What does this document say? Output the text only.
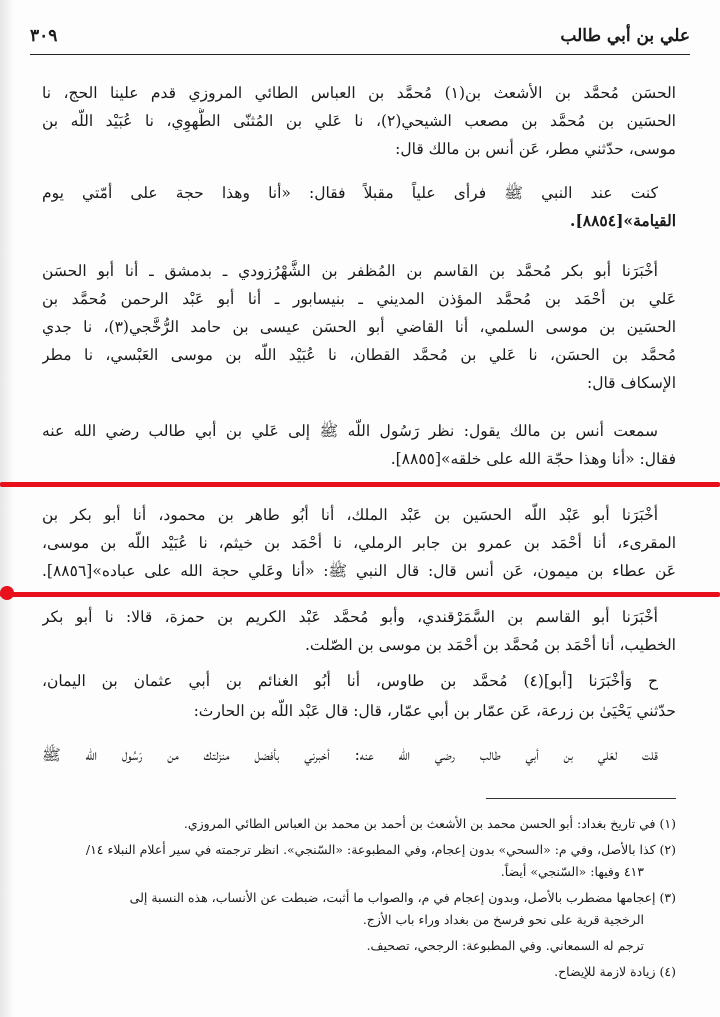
علي بن أبي طالب
٣٠٩
الحسَن مُحمَّد بن الأشعث بن(١) مُحمَّد بن العباس الطائي المروزي قدم علينا الحج، نا
الحسَين بن مُحمَّد بن مصعب الشيحي(٢)، نا عَلي بن المُثنّى الطُّهوِي، نا عُبَيْد اللّه بن
موسى، حدّثني مطر، عَن أنس بن مالك قال:
كنت عند النبي ﷺ فرأى علياً مقبلاً فقال: «أنا وهذا حجة على أمّتي يوم
القيامة»[٨٨٥٤].
أخْبَرَنا أبو بكر مُحمَّد بن القاسم بن المُظفر بن الشَّهْرُزودي ـ بدمشق ـ أنا أبو الحسَن
عَلي بن أحْمَد بن مُحمَّد المؤذن المديني ـ بنيسابور ـ أنا أبو عَبْد الرحمن مُحمَّد بن
الحسَين بن موسى السلمي، أنا القاضي أبو الحسَن عيسى بن حامد الرُّخَّجي(٣)، نا جدي
مُحمَّد بن الحسَن، نا عَلي بن مُحمَّد القطان، نا عُبَيْد اللّه بن موسى العَبْسي، نا مطر
الإسكاف قال:
سمعت أنس بن مالك يقول: نظر رَسُول اللّه ﷺ إلى عَلي بن أبي طالب رضي الله عنه
فقال: «أنا وهذا حجّة الله على خلقه»[٨٨٥٥].
أخْبَرَنا أبو عَبْد اللّه الحسَين بن عَبْد الملك، أنا أبُو طاهر بن محمود، أنا أبو بكر بن
المقرىء، أنا أحْمَد بن عمرو بن جابر الرملي، نا أحْمَد بن خيثم، نا عُبَيْد اللّه بن موسى،
عَن عطاء بن ميمون، عَن أنس قال: قال النبي ﷺ: «أنا وعَلي حجة الله على عباده»[٨٨٥٦].
أخْبَرَنا أبو القاسم بن السَّمَرْقندي، وأبو مُحمَّد عَبْد الكريم بن حمزة، قالا: نا أبو بكر
الخطيب، أنا أحْمَد بن مُحمَّد بن أحْمَد بن موسى بن الصّلت.
ح وَأخْبَرَنا [أبو](٤) مُحمَّد بن طاوس، أنا أبُو الغنائم بن أبي عثمان بن اليمان،
حدّثني يَحْيَىٰ بن زرعة، عَن عمّار بن أبي عمّار، قال: قال عَبْد اللّه بن الحارث:
قلت لعَلي بن أبي طالب رضي الله عنه: أخبرني بأفضل منزلتك من رَسُول اللّه ﷺ
(١) في تاريخ بغداد: أبو الحسن محمد بن الأشعث بن أحمد بن محمد بن العباس الطائي المروزي.
(٢) كذا بالأصل، وفي م: «السحي» بدون إعجام، وفي المطبوعة: «السّنجي». انظر ترجمته في سير أعلام النبلاء ١٤/
٤١٣ وفيها: «السّنجي» أيضاً.
(٣) إعجامها مضطرب بالأصل، وبدون إعجام في م، والصواب ما أثبت، ضبطت عن الأنساب، هذه النسبة إلى
الرخجية قرية على نحو فرسخ من بغداد وراء باب الأزج.
ترجم له السمعاني. وفي المطبوعة: الرجحي، تصحيف.
(٤) زيادة لازمة للإيضاح.
